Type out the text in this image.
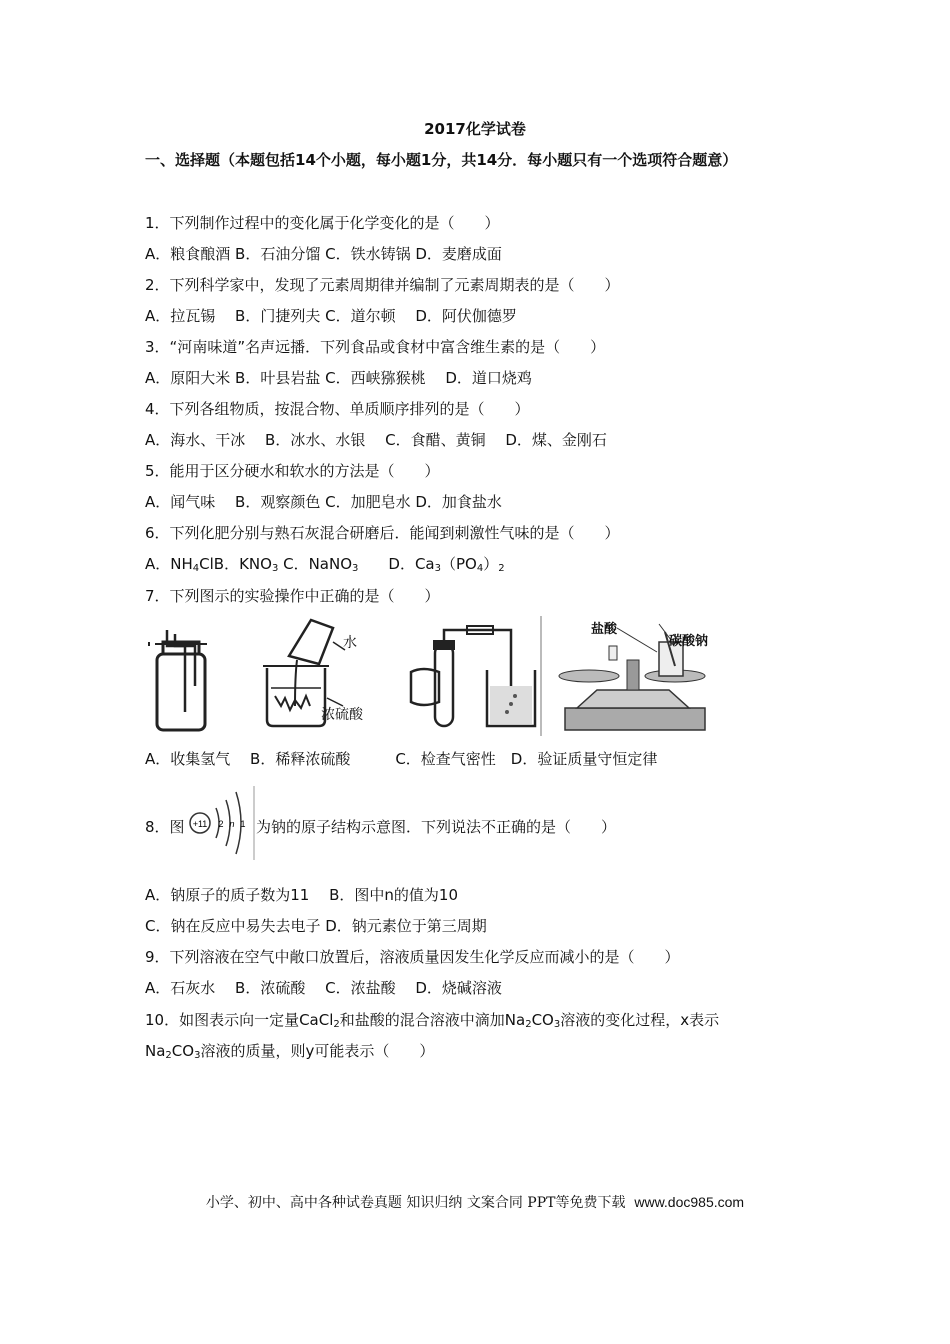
2017化学试卷
一、选择题（本题包括14个小题，每小题1分，共14分．每小题只有一个选项符合题意）
1．下列制作过程中的变化属于化学变化的是（　　）
A．粮食酿酒 B．石油分馏 C．铁水铸锅 D．麦磨成面
2．下列科学家中，发现了元素周期律并编制了元素周期表的是（　　）
A．拉瓦锡　 B．门捷列夫 C．道尔顿　 D．阿伏伽德罗
3．“河南味道”名声远播．下列食品或食材中富含维生素的是（　　）
A．原阳大米 B．叶县岩盐 C．西峡猕猴桃　 D．道口烧鸡
4．下列各组物质，按混合物、单质顺序排列的是（　　）
A．海水、干冰　 B．冰水、水银　 C．食醋、黄铜　 D．煤、金刚石
5．能用于区分硬水和软水的方法是（　　）
A．闻气味　 B．观察颜色 C．加肥皂水 D．加食盐水
6．下列化肥分别与熟石灰混合研磨后．能闻到刺激性气味的是（　　）
A．$NH_4ClB$．$KNO_3$ C．NaNO$_3$　　D．$Ca_3(PO_4)_2$
7．下列图示的实验操作中正确的是（　　）
水
浓硫酸
盐酸
碳酸钠
A．收集氢气　 B．稀释浓硫酸　　　C．检查气密性　D．验证质量守恒定律
8．图 +11 2 n 1 为钠的原子结构示意图．下列说法不正确的是（　　）
A．钠原子的质子数为11　 B．图中n的值为10
C．钠在反应中易失去电子 D．钠元素位于第三周期
9．下列溶液在空气中敞口放置后，溶液质量因发生化学反应而减小的是（　　）
A．石灰水　 B．浓硫酸　 C．浓盐酸　 D．烧碱溶液
10．如图表示向一定量CaCl$_2$和盐酸的混合溶液中滴加$Na_2CO_3$溶液的变化过程，x表示
$Na_2CO_3$溶液的质量，则y可能表示（　　）
小学、初中、高中各种试卷真题 知识归纳 文案合同 PPT等免费下载 www.doc985.com
